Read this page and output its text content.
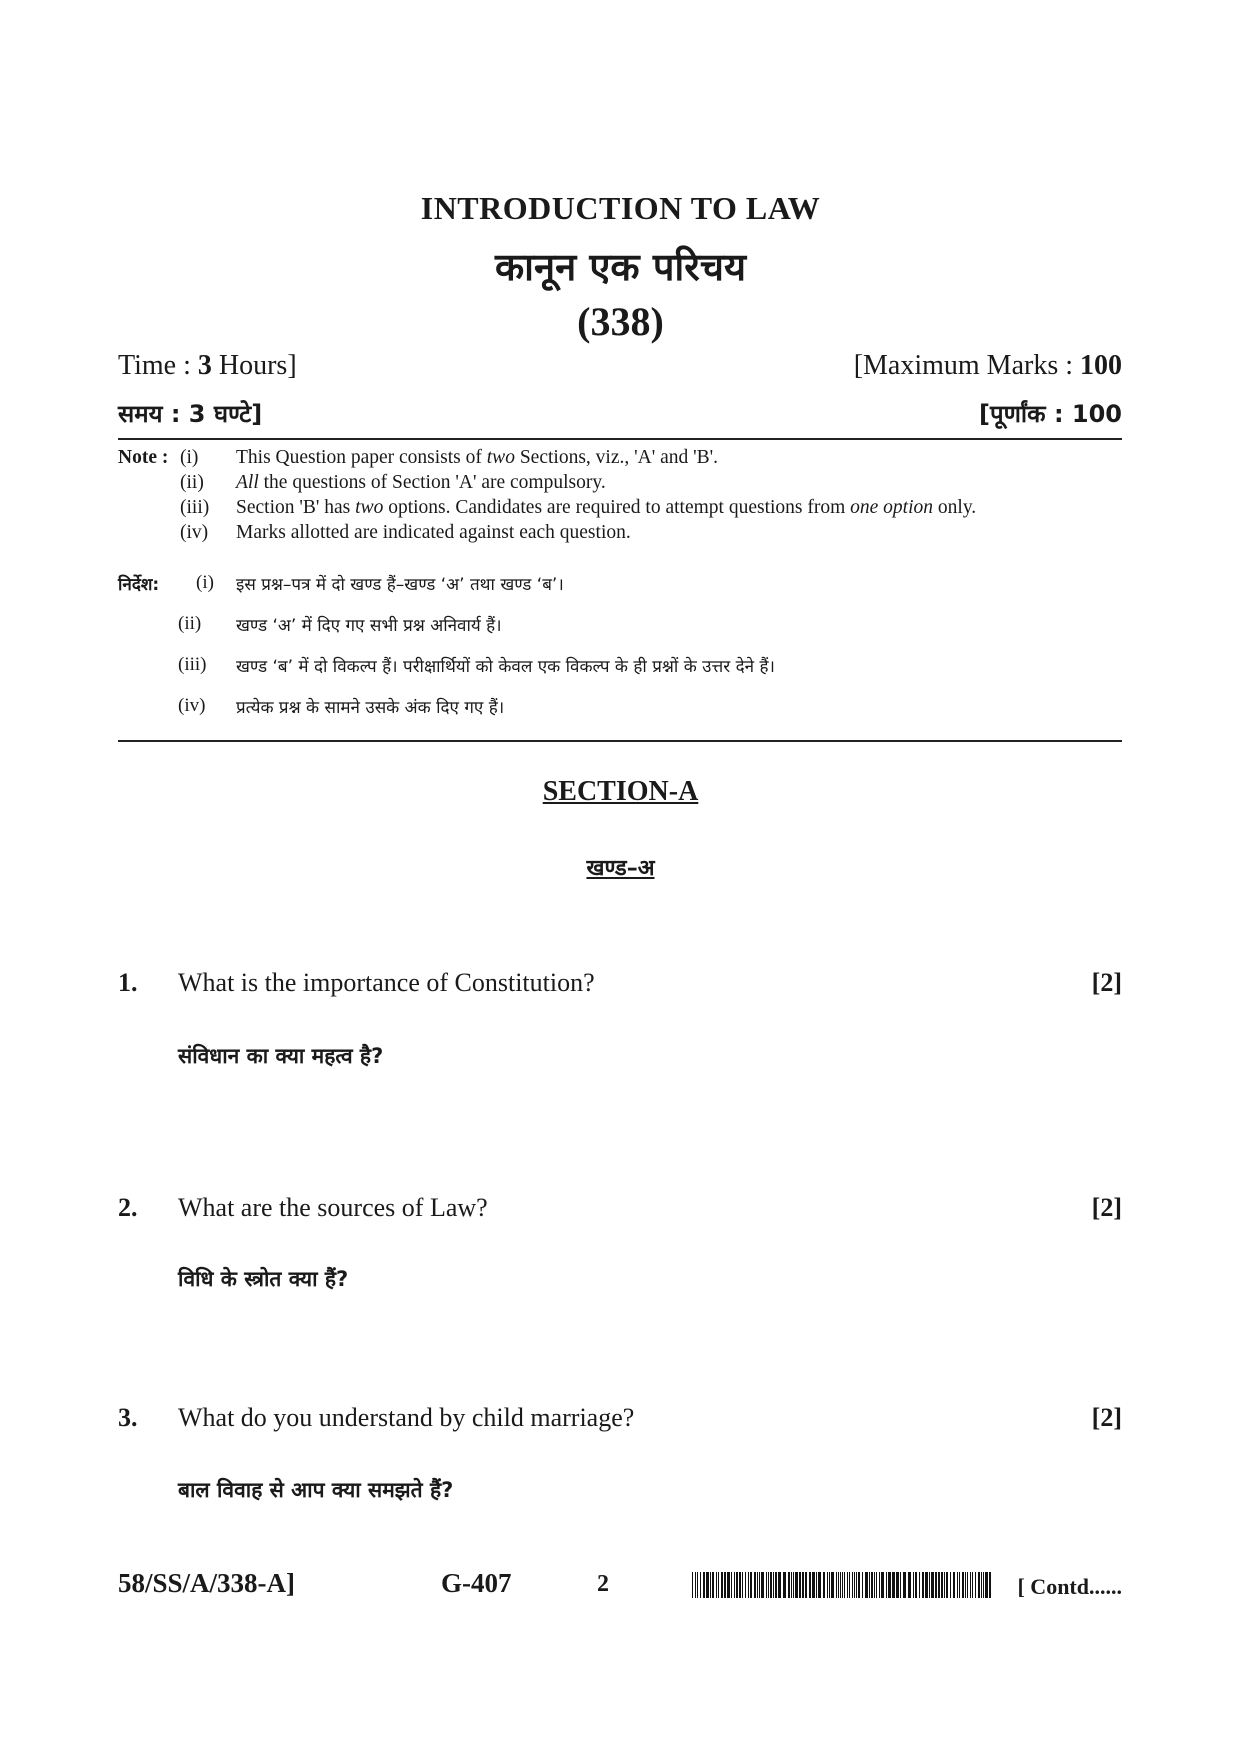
INTRODUCTION TO LAW
कानून एक परिचय
(338)
Time : 3 Hours]	[Maximum Marks : 100
समय : 3 घण्टे]	[पूर्णांक : 100
Note : (i) This Question paper consists of two Sections, viz., 'A' and 'B'.
(ii) All the questions of Section 'A' are compulsory.
(iii) Section 'B' has two options. Candidates are required to attempt questions from one option only.
(iv) Marks allotted are indicated against each question.
निर्देश: (i) इस प्रश्न–पत्र में दो खण्ड हैं–खण्ड ‘अ’ तथा खण्ड ‘ब’।
(ii) खण्ड ‘अ’ में दिए गए सभी प्रश्न अनिवार्य हैं।
(iii) खण्ड ‘ब’ में दो विकल्प हैं। परीक्षार्थियों को केवल एक विकल्प के ही प्रश्नों के उत्तर देने हैं।
(iv) प्रत्येक प्रश्न के सामने उसके अंक दिए गए हैं।
SECTION-A
खण्ड–अ
1. What is the importance of Constitution?	[2]
संविधान का क्या महत्व है?
2. What are the sources of Law?	[2]
विधि के स्त्रोत क्या हैं?
3. What do you understand by child marriage?	[2]
बाल विवाह से आप क्या समझते हैं?
58/SS/A/338-A]	G-407	2	[ Contd......
